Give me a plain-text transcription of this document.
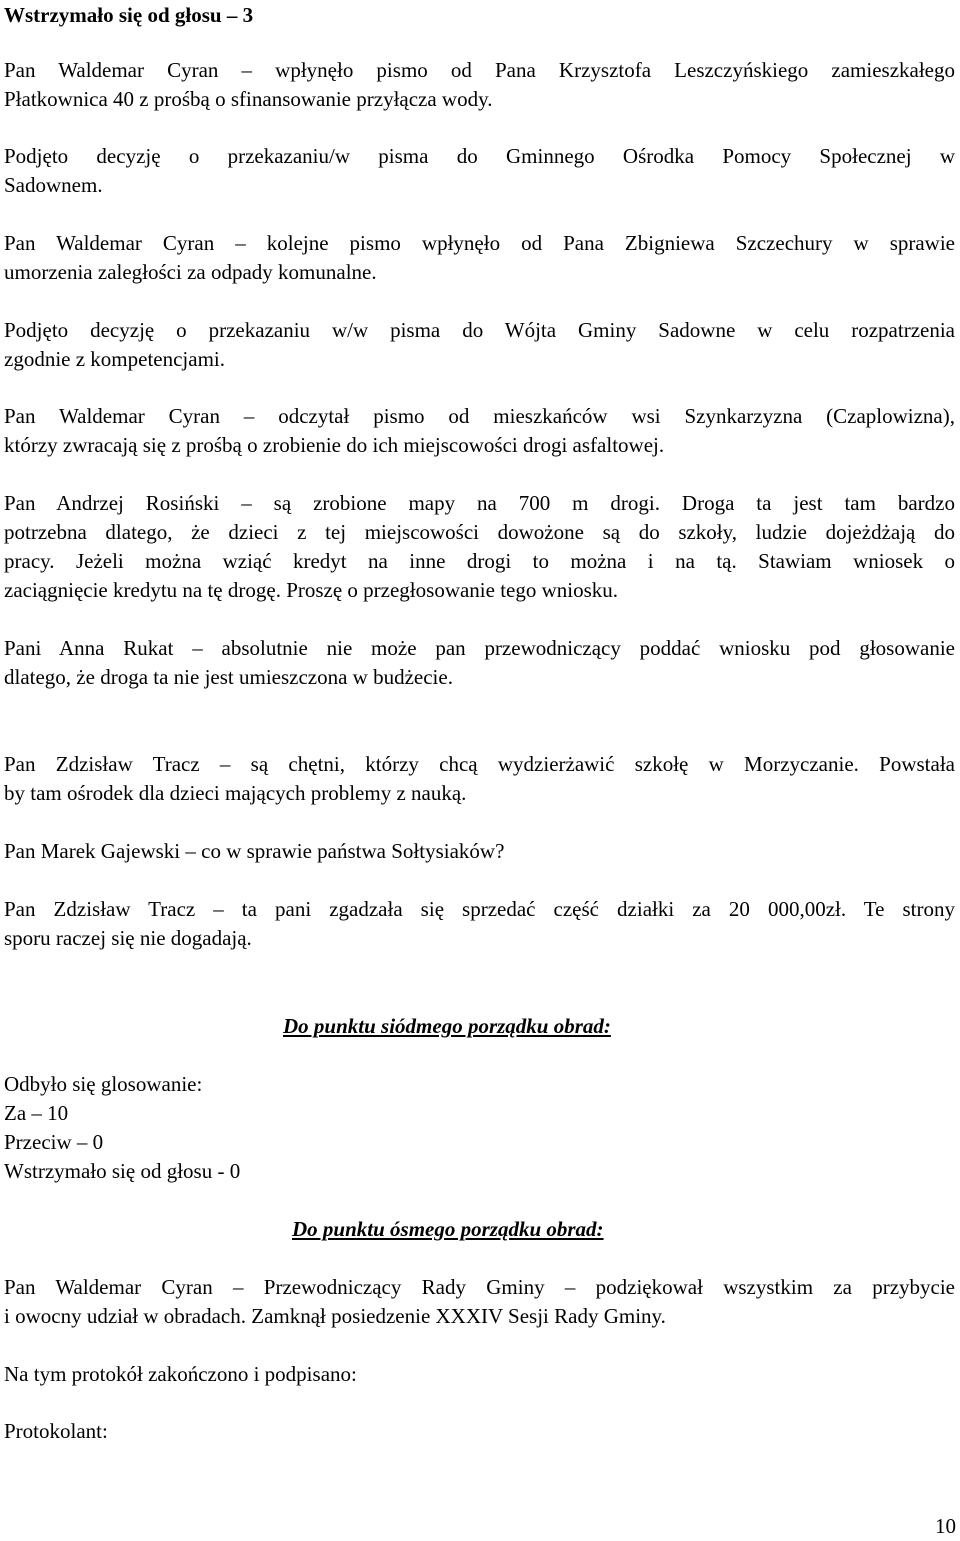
Wstrzymało się od głosu – 3

Pan Waldemar Cyran – wpłynęło pismo od Pana Krzysztofa Leszczyńskiego zamieszkałego
Płatkownica 40 z prośbą o sfinansowanie przyłącza wody.
Podjęto decyzję o przekazaniu/w pisma do Gminnego Ośrodka Pomocy Społecznej w
Sadownem.
Pan Waldemar Cyran – kolejne pismo wpłynęło od Pana Zbigniewa Szczechury w sprawie
umorzenia zaległości za odpady komunalne.
Podjęto decyzję o przekazaniu w/w pisma do Wójta Gminy Sadowne w celu rozpatrzenia
zgodnie z kompetencjami.
Pan Waldemar Cyran – odczytał pismo od mieszkańców wsi Szynkarzyzna (Czaplowizna),
którzy zwracają się z prośbą o zrobienie do ich miejscowości drogi asfaltowej.
Pan Andrzej Rosiński – są zrobione mapy na 700 m drogi. Droga ta jest tam bardzo
potrzebna dlatego, że dzieci z tej miejscowości dowożone są do szkoły, ludzie dojeżdżają do
pracy. Jeżeli można wziąć kredyt na inne drogi to można i na tą. Stawiam wniosek o
zaciągnięcie kredytu na tę drogę. Proszę o przegłosowanie tego wniosku.
Pani Anna Rukat – absolutnie nie może pan przewodniczący poddać wniosku pod głosowanie
dlatego, że droga ta nie jest umieszczona w budżecie.
Pan Zdzisław Tracz – są chętni, którzy chcą wydzierżawić szkołę w Morzyczanie. Powstała
by tam ośrodek dla dzieci mających problemy z nauką.
Pan Marek Gajewski – co w sprawie państwa Sołtysiaków?
Pan Zdzisław Tracz – ta pani zgadzała się sprzedać część działki za 20 000,00zł. Te strony
sporu raczej się nie dogadają.

Do punktu siódmego porządku obrad:

Odbyło się glosowanie:
Za – 10
Przeciw – 0
Wstrzymało się od głosu - 0

Do punktu ósmego porządku obrad:

Pan Waldemar Cyran – Przewodniczący Rady Gminy – podziękował wszystkim za przybycie
i owocny udział w obradach. Zamknął posiedzenie XXXIV Sesji Rady Gminy.
Na tym protokół zakończono i podpisano:
Protokolant:

10
